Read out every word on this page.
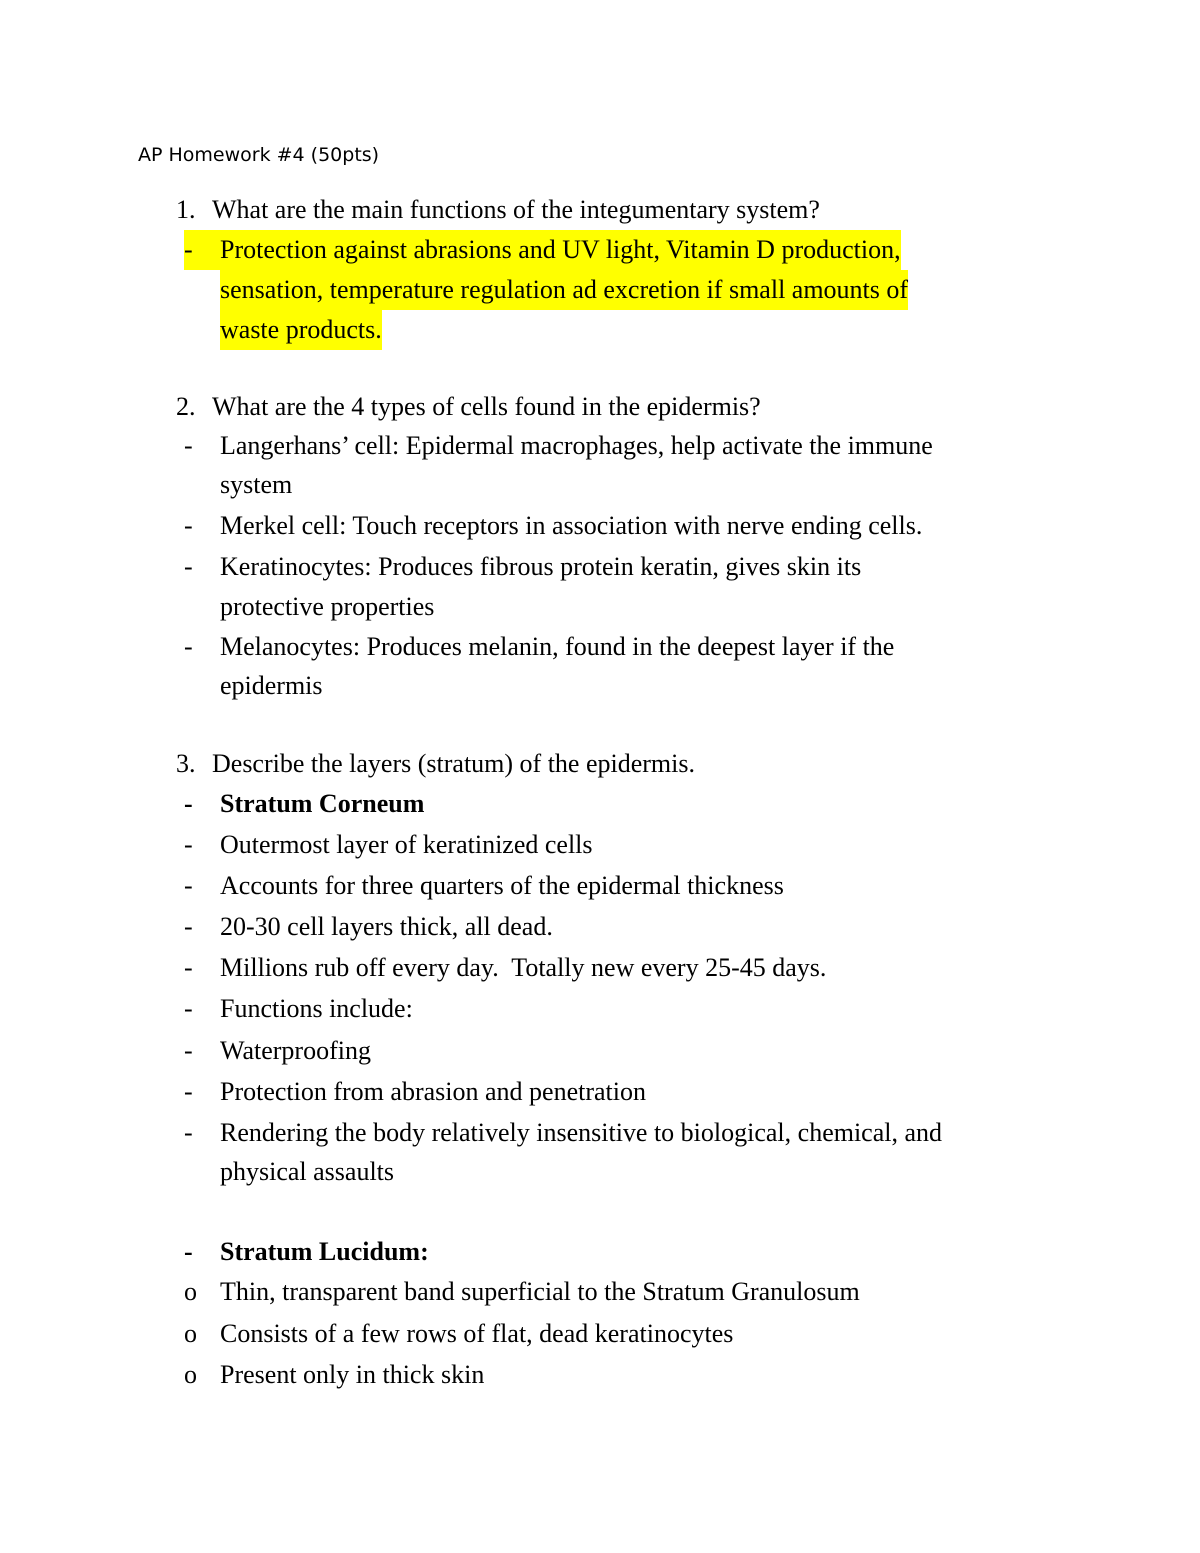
AP Homework #4 (50pts)
1. What are the main functions of the integumentary system?
-	Protection against abrasions and UV light, Vitamin D production,
sensation, temperature regulation ad excretion if small amounts of
waste products.
2. What are the 4 types of cells found in the epidermis?
-	Langerhans’ cell: Epidermal macrophages, help activate the immune
system
-	Merkel cell: Touch receptors in association with nerve ending cells.
-	Keratinocytes: Produces fibrous protein keratin, gives skin its
protective properties
-	Melanocytes: Produces melanin, found in the deepest layer if the
epidermis
3. Describe the layers (stratum) of the epidermis.
-	Stratum Corneum
-	Outermost layer of keratinized cells
-	Accounts for three quarters of the epidermal thickness
-	20-30 cell layers thick, all dead.
-	Millions rub off every day.  Totally new every 25-45 days.
-	Functions include:
-	Waterproofing
-	Protection from abrasion and penetration
-	Rendering the body relatively insensitive to biological, chemical, and
physical assaults
-	Stratum Lucidum:
o Thin, transparent band superficial to the Stratum Granulosum
o Consists of a few rows of flat, dead keratinocytes
o Present only in thick skin
